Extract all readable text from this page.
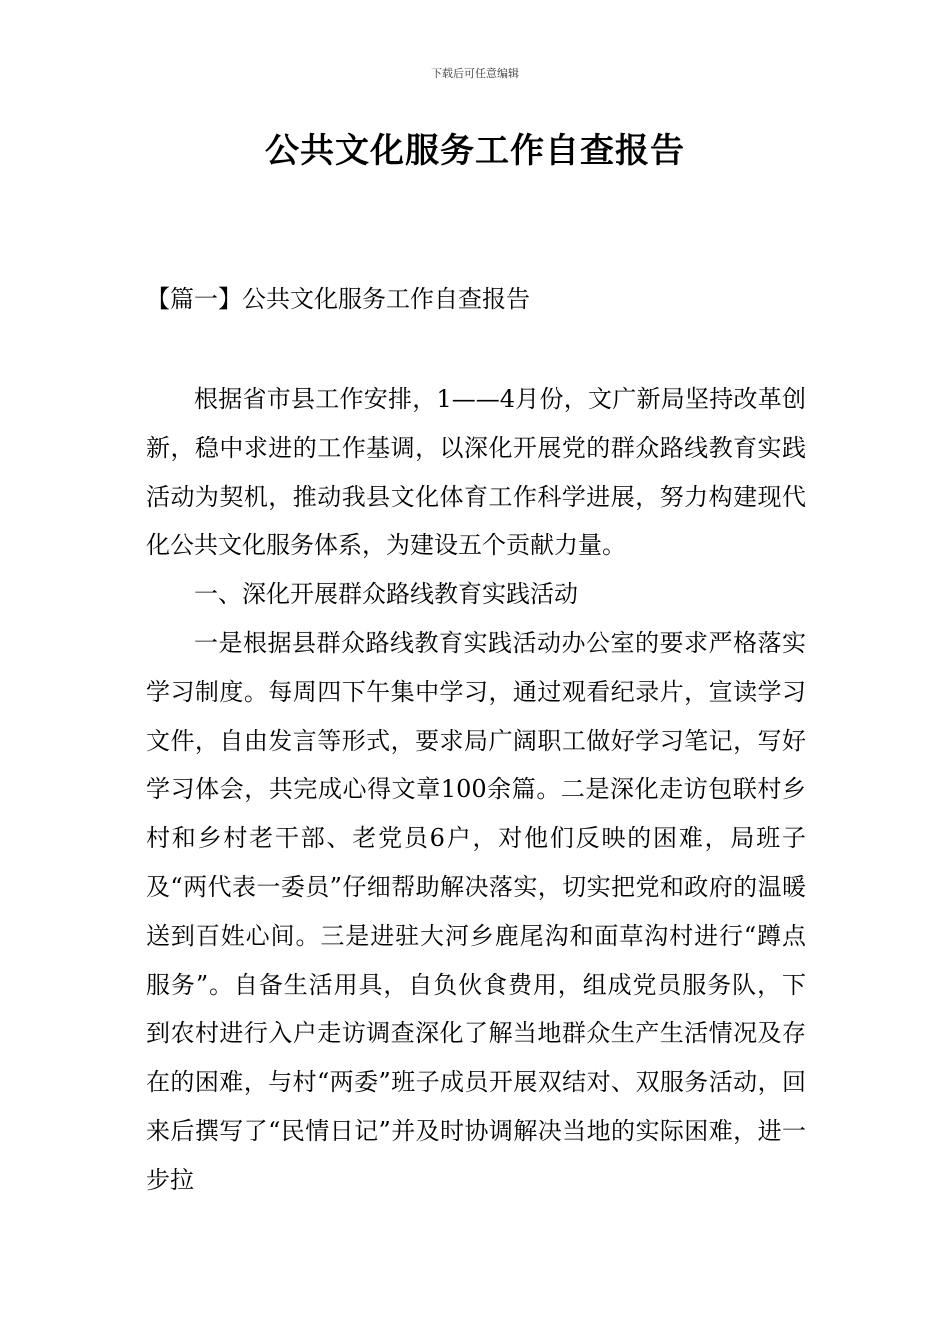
下载后可任意编辑
公共文化服务工作自查报告
【篇一】公共文化服务工作自查报告

根据省市县工作安排，1——4月份，文广新局坚持改革创新，稳中求进的工作基调，以深化开展党的群众路线教育实践活动为契机，推动我县文化体育工作科学进展，努力构建现代化公共文化服务体系，为建设五个贡献力量。

一、深化开展群众路线教育实践活动

一是根据县群众路线教育实践活动办公室的要求严格落实学习制度。每周四下午集中学习，通过观看纪录片，宣读学习文件，自由发言等形式，要求局广阔职工做好学习笔记，写好学习体会，共完成心得文章100余篇。二是深化走访包联村乡村和乡村老干部、老党员6户，对他们反映的困难，局班子及“两代表一委员”仔细帮助解决落实，切实把党和政府的温暖送到百姓心间。三是进驻大河乡鹿尾沟和面草沟村进行“蹲点服务”。自备生活用具，自负伙食费用，组成党员服务队，下到农村进行入户走访调查深化了解当地群众生产生活情况及存在的困难，与村“两委”班子成员开展双结对、双服务活动，回来后撰写了“民情日记”并及时协调解决当地的实际困难，进一步拉
